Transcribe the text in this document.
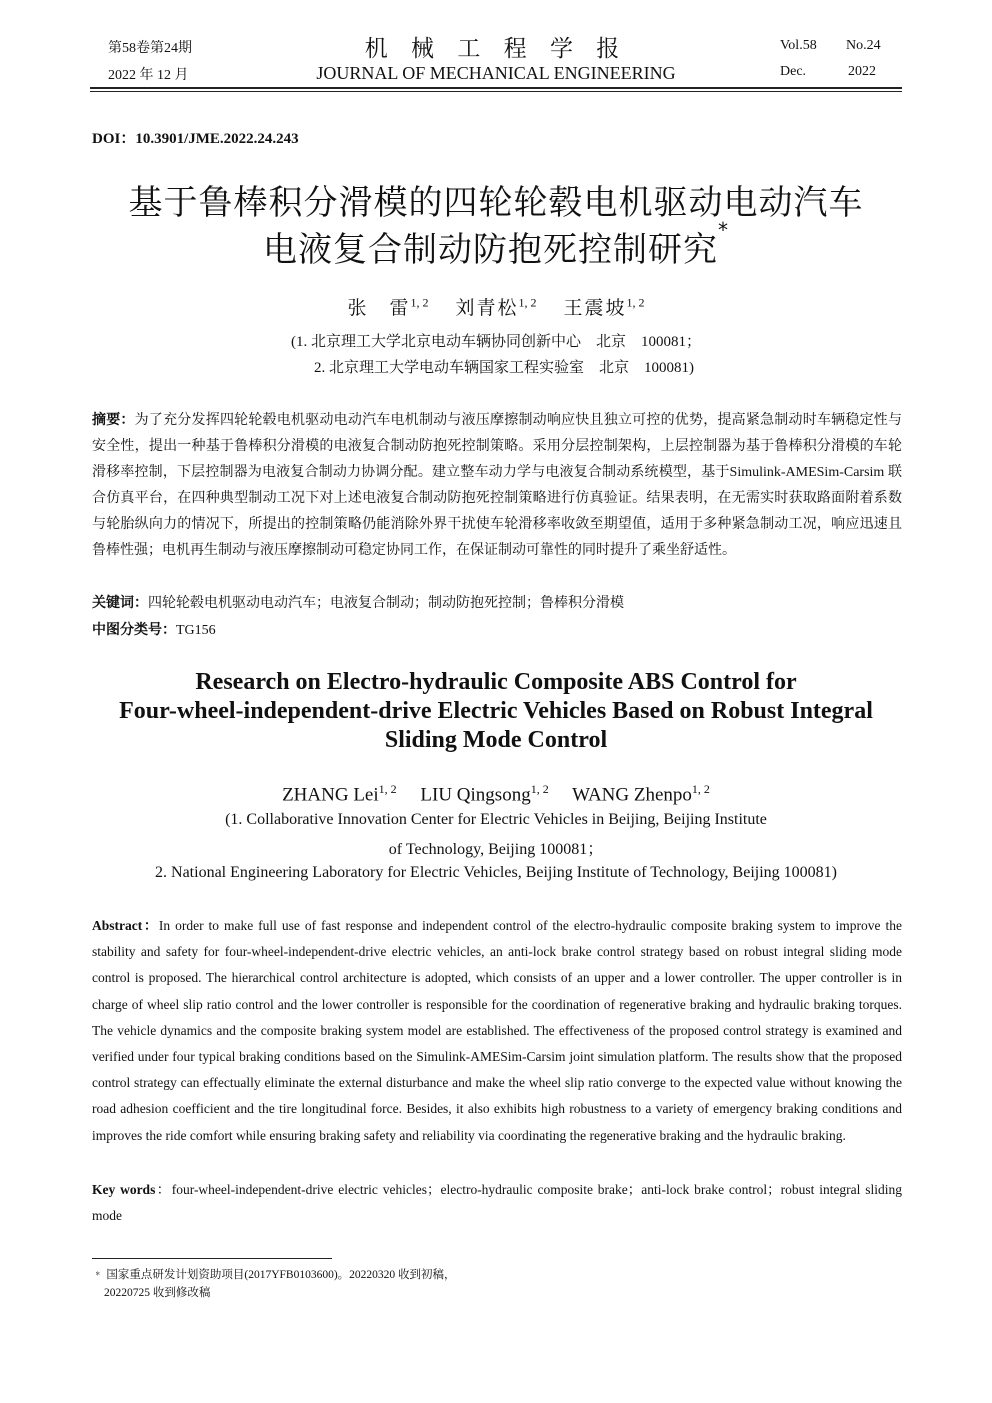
第58卷第24期
2022 年 12 月
机 械 工 程 学 报
JOURNAL OF MECHANICAL ENGINEERING
Vol.58 No.24
Dec.	2022
DOI：10.3901/JME.2022.24.243
基于鲁棒积分滑模的四轮轮毂电机驱动电动汽车
电液复合制动防抱死控制研究*
张　雷$^{1, 2}$ 刘青松$^{1, 2}$ 王震坡$^{1, 2}$
(1. 北京理工大学北京电动车辆协同创新中心　北京　100081；
2. 北京理工大学电动车辆国家工程实验室　北京　100081)
摘要：为了充分发挥四轮轮毂电机驱动电动汽车电机制动与液压摩擦制动响应快且独立可控的优势，提高紧急制动时车辆稳定性与安全性，提出一种基于鲁棒积分滑模的电液复合制动防抱死控制策略。采用分层控制架构，上层控制器为基于鲁棒积分滑模的车轮滑移率控制，下层控制器为电液复合制动力协调分配。建立整车动力学与电液复合制动系统模型，基于Simulink-AMESim-Carsim 联合仿真平台，在四种典型制动工况下对上述电液复合制动防抱死控制策略进行仿真验证。结果表明，在无需实时获取路面附着系数与轮胎纵向力的情况下，所提出的控制策略仍能消除外界干扰使车轮滑移率收敛至期望值，适用于多种紧急制动工况，响应迅速且鲁棒性强；电机再生制动与液压摩擦制动可稳定协同工作，在保证制动可靠性的同时提升了乘坐舒适性。
关键词：四轮轮毂电机驱动电动汽车；电液复合制动；制动防抱死控制；鲁棒积分滑模
中图分类号：TG156
Research on Electro-hydraulic Composite ABS Control for
Four-wheel-independent-drive Electric Vehicles Based on Robust Integral
Sliding Mode Control
ZHANG Lei$^{1, 2}$ LIU Qingsong$^{1, 2}$ WANG Zhenpo$^{1, 2}$
(1. Collaborative Innovation Center for Electric Vehicles in Beijing, Beijing Institute
of Technology, Beijing 100081；
2. National Engineering Laboratory for Electric Vehicles, Beijing Institute of Technology, Beijing 100081)
Abstract：In order to make full use of fast response and independent control of the electro-hydraulic composite braking system to improve the stability and safety for four-wheel-independent-drive electric vehicles, an anti-lock brake control strategy based on robust integral sliding mode control is proposed. The hierarchical control architecture is adopted, which consists of an upper and a lower controller. The upper controller is in charge of wheel slip ratio control and the lower controller is responsible for the coordination of regenerative braking and hydraulic braking torques. The vehicle dynamics and the composite braking system model are established. The effectiveness of the proposed control strategy is examined and verified under four typical braking conditions based on the Simulink-AMESim-Carsim joint simulation platform. The results show that the proposed control strategy can effectually eliminate the external disturbance and make the wheel slip ratio converge to the expected value without knowing the road adhesion coefficient and the tire longitudinal force. Besides, it also exhibits high robustness to a variety of emergency braking conditions and improves the ride comfort while ensuring braking safety and reliability via coordinating the regenerative braking and the hydraulic braking.
Key words：four-wheel-independent-drive electric vehicles；electro-hydraulic composite brake；anti-lock brake control；robust integral sliding mode
﹡ 国家重点研发计划资助项目(2017YFB0103600)。20220320 收到初稿，
20220725 收到修改稿
